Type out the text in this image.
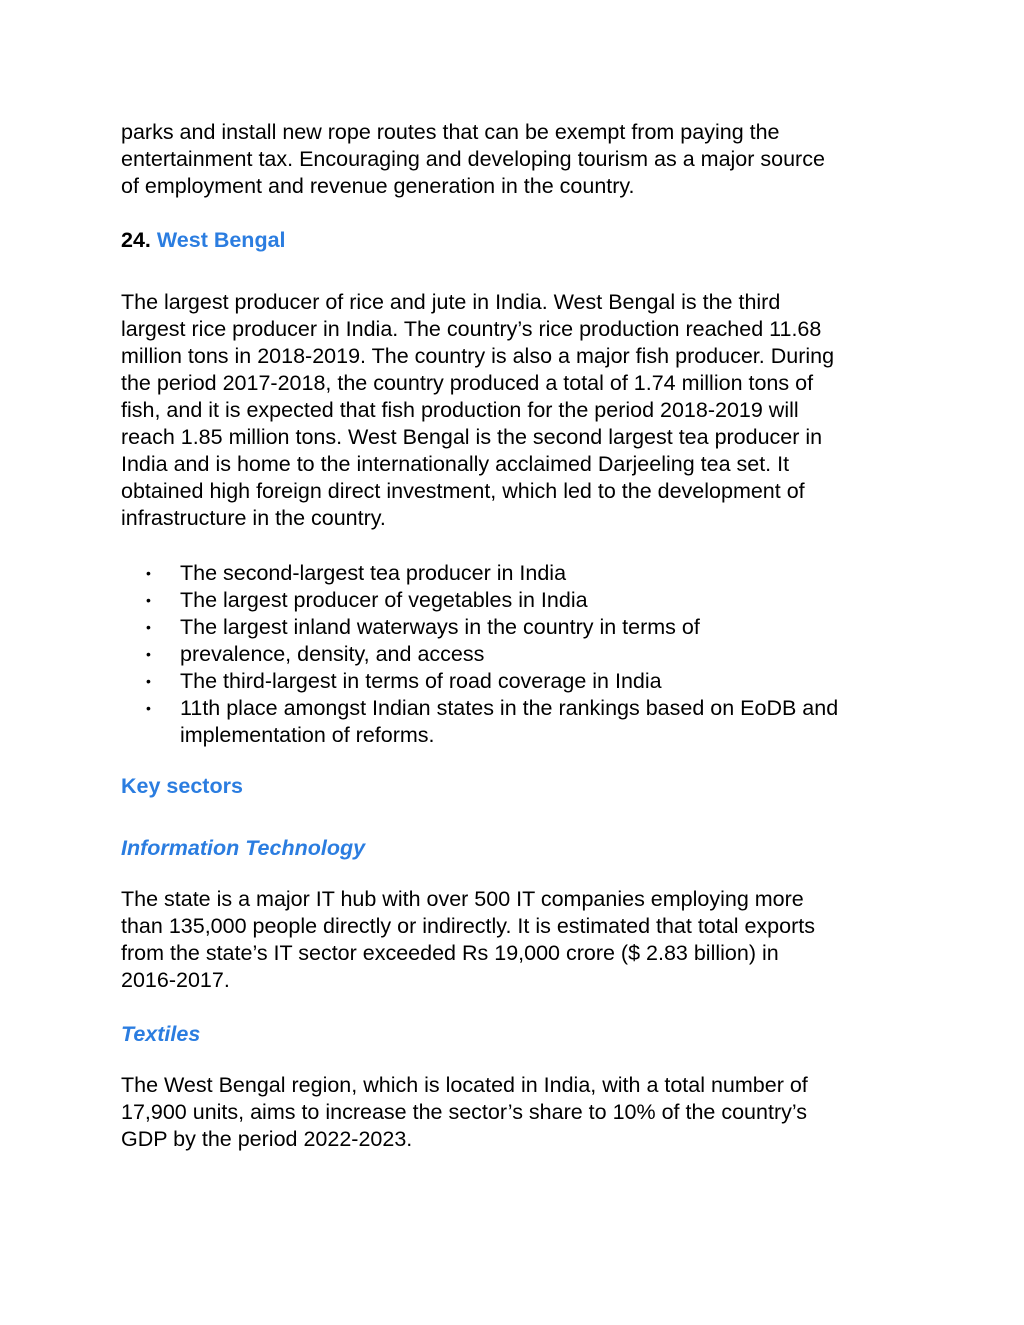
parks and install new rope routes that can be exempt from paying the
entertainment tax. Encouraging and developing tourism as a major source
of employment and revenue generation in the country.

24. West Bengal

The largest producer of rice and jute in India. West Bengal is the third
largest rice producer in India. The country’s rice production reached 11.68
million tons in 2018-2019. The country is also a major fish producer. During
the period 2017-2018, the country produced a total of 1.74 million tons of
fish, and it is expected that fish production for the period 2018-2019 will
reach 1.85 million tons. West Bengal is the second largest tea producer in
India and is home to the internationally acclaimed Darjeeling tea set. It
obtained high foreign direct investment, which led to the development of
infrastructure in the country.

• The second-largest tea producer in India
• The largest producer of vegetables in India
• The largest inland waterways in the country in terms of
• prevalence, density, and access
• The third-largest in terms of road coverage in India
• 11th place amongst Indian states in the rankings based on EoDB and
implementation of reforms.

Key sectors

Information Technology

The state is a major IT hub with over 500 IT companies employing more
than 135,000 people directly or indirectly. It is estimated that total exports
from the state’s IT sector exceeded Rs 19,000 crore ($ 2.83 billion) in
2016-2017.

Textiles

The West Bengal region, which is located in India, with a total number of
17,900 units, aims to increase the sector’s share to 10% of the country’s
GDP by the period 2022-2023.
